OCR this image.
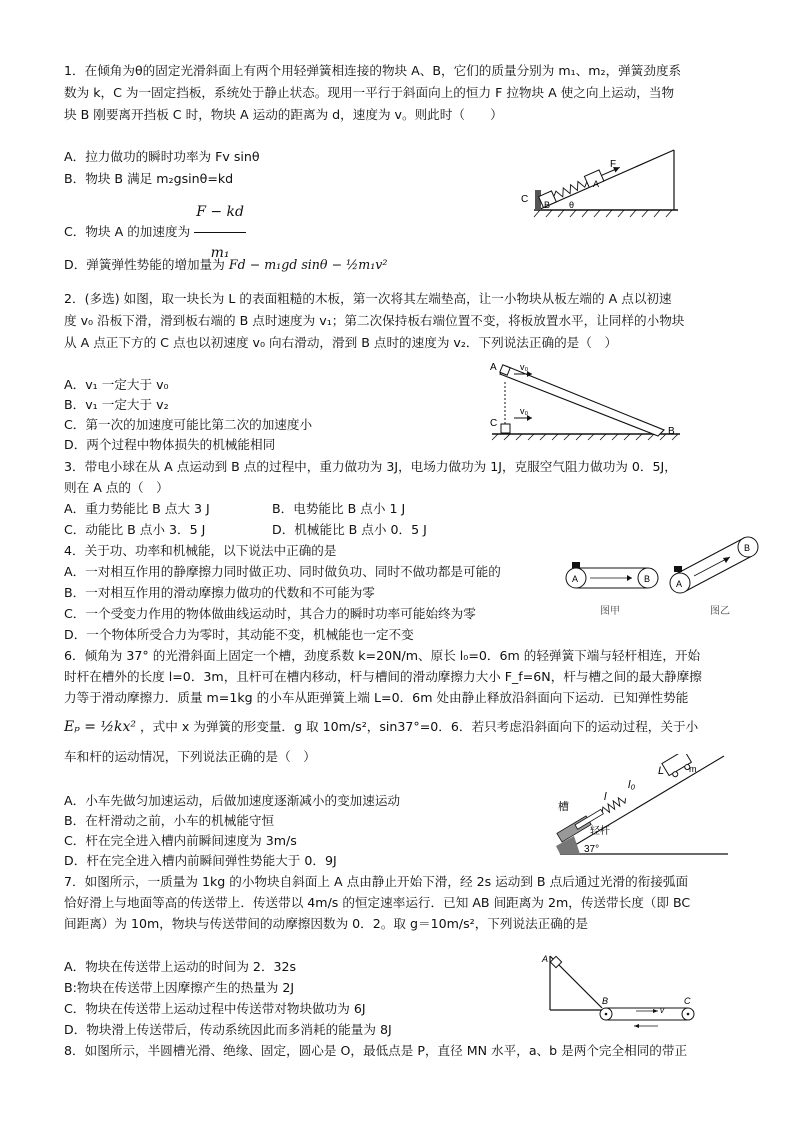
1．在倾角为θ的固定光滑斜面上有两个用轻弹簧相连接的物块 A、B，它们的质量分别为 m₁、m₂，弹簧劲度系
数为 k，C 为一固定挡板，系统处于静止状态。现用一平行于斜面向上的恒力 F 拉物块 A 使之向上运动，当物
块 B 刚要离开挡板 C 时，物块 A 运动的距离为 d，速度为 v。则此时（　　）
A．拉力做功的瞬时功率为 Fv sinθ
B．物块 B 满足 m₂gsinθ=kd
C．物块 A 的加速度为 $\frac{F - kd}{\text{m₁}}$
D．弹簧弹性势能的增加量为 Fd − m₁gd sinθ − ½m₁v²
C B
A
F
θ
2．(多选) 如图，取一块长为 L 的表面粗糙的木板，第一次将其左端垫高，让一小物块从板左端的 A 点以初速
度 v₀ 沿板下滑，滑到板右端的 B 点时速度为 v₁；第二次保持板右端位置不变，将板放置水平，让同样的小物块
从 A 点正下方的 C 点也以初速度 v₀ 向右滑动，滑到 B 点时的速度为 v₂．下列说法正确的是（　）
A．v₁ 一定大于 v₀
B．v₁ 一定大于 v₂
C．第一次的加速度可能比第二次的加速度小
D．两个过程中物体损失的机械能相同
A	v₀
C
v₀
B
3．带电小球在从 A 点运动到 B 点的过程中，重力做功为 3J，电场力做功为 1J，克服空气阻力做功为 0．5J，
则在 A 点的（　）
A．重力势能比 B 点大 3 J	B．电势能比 B 点小 1 J
C．动能比 B 点小 3．5 J	D．机械能比 B 点小 0．5 J
4．关于功、功率和机械能，以下说法中正确的是
A．一对相互作用的静摩擦力同时做正功、同时做负功、同时不做功都是可能的
B．一对相互作用的滑动摩擦力做功的代数和不可能为零
C．一个受变力作用的物体做曲线运动时，其合力的瞬时功率可能始终为零
D．一个物体所受合力为零时，其动能不变，机械能也一定不变
A	B
图甲
A
B
图乙
6．倾角为 37° 的光滑斜面上固定一个槽，劲度系数 k=20N/m、原长 l₀=0．6m 的轻弹簧下端与轻杆相连，开始
时杆在槽外的长度 l=0．3m，且杆可在槽内移动，杆与槽间的滑动摩擦力大小 F_f=6N，杆与槽之间的最大静摩擦
力等于滑动摩擦力．质量 m=1kg 的小车从距弹簧上端 L=0．6m 处由静止释放沿斜面向下运动．已知弹性势能
Eₚ = ½kx² ，式中 x 为弹簧的形变量．g 取 10m/s²，sin37°=0．6．若只考虑沿斜面向下的运动过程，关于小
车和杆的运动情况，下列说法正确的是（　）
A．小车先做匀加速运动，后做加速度逐渐减小的变加速运动
B．在杆滑动之前，小车的机械能守恒
C．杆在完全进入槽内前瞬间速度为 3m/s
D．杆在完全进入槽内前瞬间弹性势能大于 0．9J
槽
轻杆
l
l₀
L	m
37°
7．如图所示，一质量为 1kg 的小物块自斜面上 A 点由静止开始下滑，经 2s 运动到 B 点后通过光滑的衔接弧面
恰好滑上与地面等高的传送带上．传送带以 4m/s 的恒定速率运行．已知 AB 间距离为 2m，传送带长度（即 BC
间距离）为 10m，物块与传送带间的动摩擦因数为 0．2。取 g＝10m/s²，下列说法正确的是
A．物块在传送带上运动的时间为 2．32s
B:物块在传送带上因摩擦产生的热量为 2J
C．物块在传送带上运动过程中传送带对物块做功为 6J
D．物块滑上传送带后，传动系统因此而多消耗的能量为 8J
A
B	C
v
8．如图所示，半圆槽光滑、绝缘、固定，圆心是 O，最低点是 P，直径 MN 水平，a、b 是两个完全相同的带正
